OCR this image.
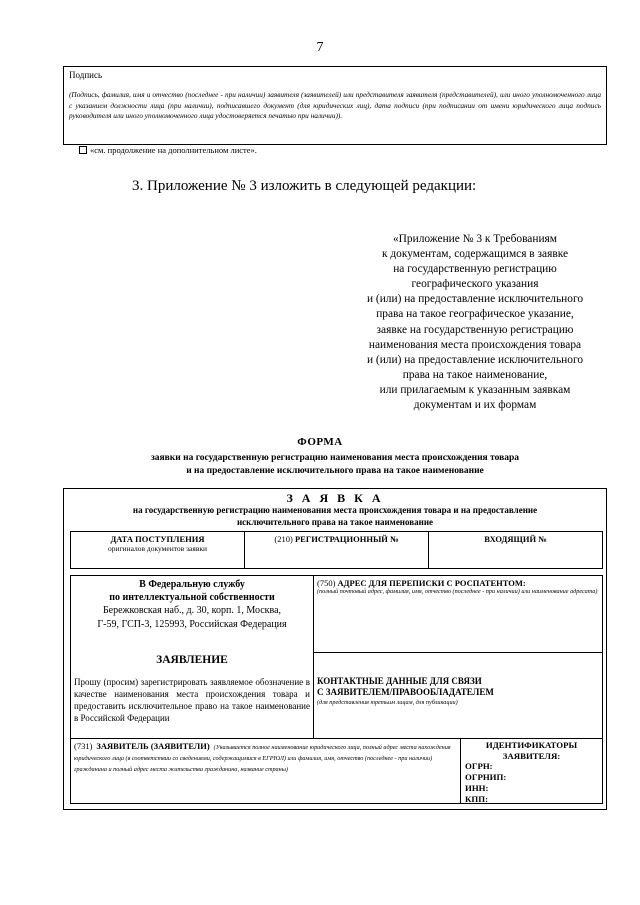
7
Подпись
(Подпись, фамилия, имя и отчество (последнее - при наличии) заявителя (заявителей) или представителя заявителя (представителей), или иного уполномоченного лица с указанием должности лица (при наличии), подписавшего документ (для юридических лиц), дата подписи (при подписании от имени юридического лица подпись руководителя или иного уполномоченного лица удостоверяется печатью при наличии)).
«см. продолжение на дополнительном листе».
3. Приложение № 3 изложить в следующей редакции:
«Приложение № 3 к Требованиям
к документам, содержащимся в заявке
на государственную регистрацию
географического указания
и (или) на предоставление исключительного
права на такое географическое указание,
заявке на государственную регистрацию
наименования места происхождения товара
и (или) на предоставление исключительного
права на такое наименование,
или прилагаемым к указанным заявкам
документам и их формам
ФОРМА
заявки на государственную регистрацию наименования места происхождения товара
и на предоставление исключительного права на такое наименование
З А Я В К А
на государственную регистрацию наименования места происхождения товара и на предоставление
исключительного права на такое наименование
ДАТА ПОСТУПЛЕНИЯ
оригиналов документов заявки
(210) РЕГИСТРАЦИОННЫЙ №	ВХОДЯЩИЙ №
В Федеральную службу
по интеллектуальной собственности
Бережковская наб., д. 30, корп. 1, Москва,
Г-59, ГСП-3, 125993, Российская Федерация
ЗАЯВЛЕНИЕ
Прошу (просим) зарегистрировать заявляемое обозначение в качестве наименования места происхождения товара и предоставить исключительное право на такое наименование в Российской Федерации
(750) АДРЕС ДЛЯ ПЕРЕПИСКИ С РОСПАТЕНТОМ:
(полный почтовый адрес, фамилия, имя, отчество (последнее - при наличии) или наименование адресата)
КОНТАКТНЫЕ ДАННЫЕ ДЛЯ СВЯЗИ
С ЗАЯВИТЕЛЕМ/ПРАВООБЛАДАТЕЛЕМ
(для представления третьим лицам, для публикации)
(731) ЗАЯВИТЕЛЬ (ЗАЯВИТЕЛИ) (Указывается полное наименование юридического лица, полный адрес места нахождения юридического лица (в соответствии со сведениями, содержащимися в ЕГРЮЛ) или фамилия, имя, отчество (последнее - при наличии) гражданина и полный адрес места жительства гражданина, название страны)
ИДЕНТИФИКАТОРЫ
ЗАЯВИТЕЛЯ:
ОГРН:
ОГРНИП:
ИНН:
КПП:
